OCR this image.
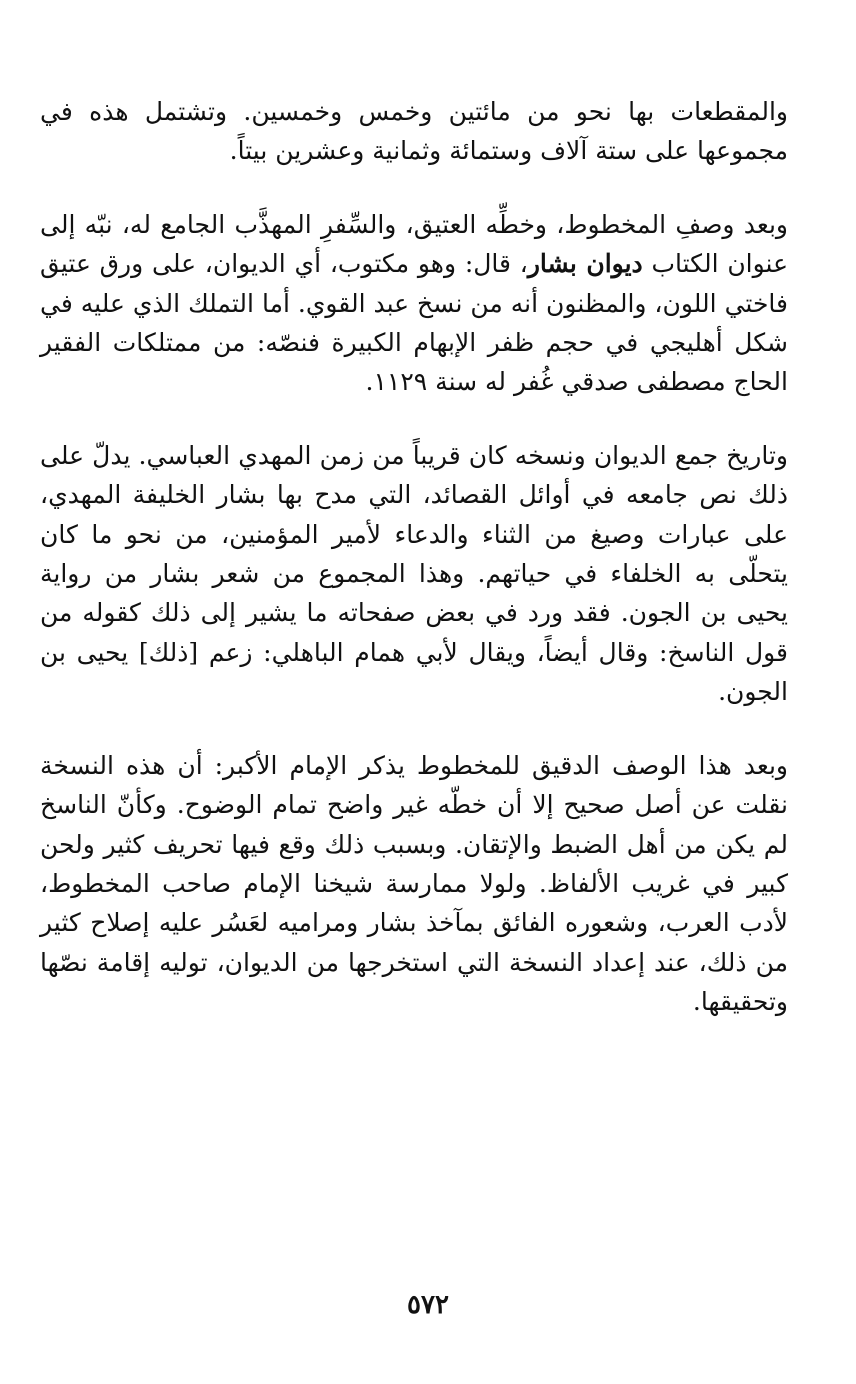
والمقطعات بها نحو من مائتين وخمس وخمسين. وتشتمل هذه في مجموعها على ستة آلاف وستمائة وثمانية وعشرين بيتاً.

وبعد وصفِ المخطوط، وخطِّه العتيق، والسِّفرِ المهذَّب الجامع له، نبّه إلى عنوان الكتاب ديوان بشار، قال: وهو مكتوب، أي الديوان، على ورق عتيق فاختي اللون، والمظنون أنه من نسخ عبد القوي. أما التملك الذي عليه في شكل أهليجي في حجم ظفر الإبهام الكبيرة فنصّه: من ممتلكات الفقير الحاج مصطفى صدقي غُفر له سنة ١١٢٩.

وتاريخ جمع الديوان ونسخه كان قريباً من زمن المهدي العباسي. يدلّ على ذلك نص جامعه في أوائل القصائد، التي مدح بها بشار الخليفة المهدي، على عبارات وصيغ من الثناء والدعاء لأمير المؤمنين، من نحو ما كان يتحلّى به الخلفاء في حياتهم. وهذا المجموع من شعر بشار من رواية يحيى بن الجون. فقد ورد في بعض صفحاته ما يشير إلى ذلك كقوله من قول الناسخ: وقال أيضاً، ويقال لأبي همام الباهلي: زعم [ذلك] يحيى بن الجون.

وبعد هذا الوصف الدقيق للمخطوط يذكر الإمام الأكبر: أن هذه النسخة نقلت عن أصل صحيح إلا أن خطّه غير واضح تمام الوضوح. وكأنّ الناسخ لم يكن من أهل الضبط والإتقان. وبسبب ذلك وقع فيها تحريف كثير ولحن كبير في غريب الألفاظ. ولولا ممارسة شيخنا الإمام صاحب المخطوط، لأدب العرب، وشعوره الفائق بمآخذ بشار ومراميه لعَسُر عليه إصلاح كثير من ذلك، عند إعداد النسخة التي استخرجها من الديوان، توليه إقامة نصّها وتحقيقها.

٥٧٢
